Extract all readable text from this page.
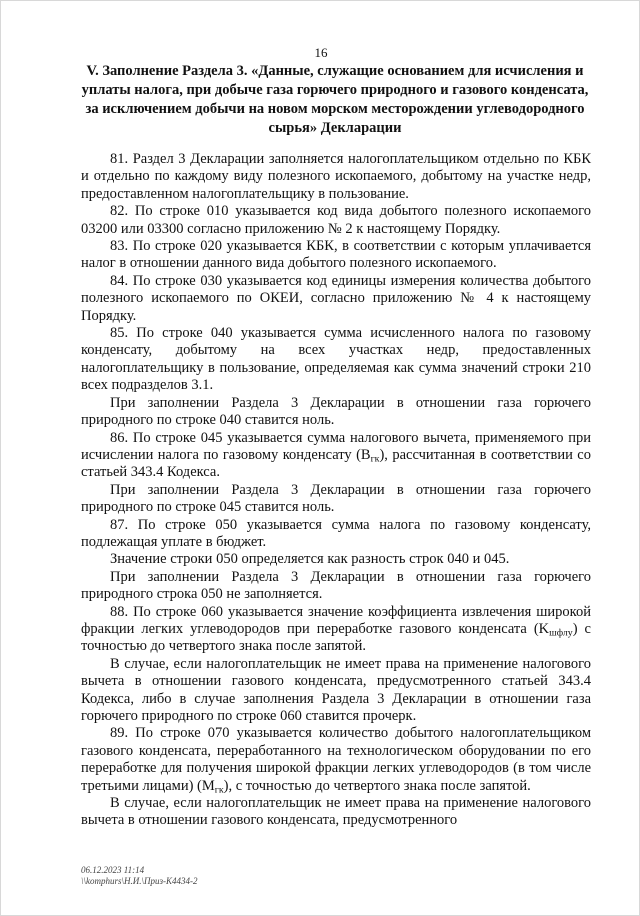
16
V. Заполнение Раздела 3. «Данные, служащие основанием для исчисления и уплаты налога, при добыче газа горючего природного и газового конденсата, за исключением добычи на новом морском месторождении углеводородного сырья» Декларации

81. Раздел 3 Декларации заполняется налогоплательщиком отдельно по КБК и отдельно по каждому виду полезного ископаемого, добытому на участке недр, предоставленном налогоплательщику в пользование.

82. По строке 010 указывается код вида добытого полезного ископаемого 03200 или 03300 согласно приложению № 2 к настоящему Порядку.

83. По строке 020 указывается КБК, в соответствии с которым уплачивается налог в отношении данного вида добытого полезного ископаемого.

84. По строке 030 указывается код единицы измерения количества добытого полезного ископаемого по ОКЕИ, согласно приложению № 4 к настоящему Порядку.

85. По строке 040 указывается сумма исчисленного налога по газовому конденсату, добытому на всех участках недр, предоставленных налогоплательщику в пользование, определяемая как сумма значений строки 210 всех подразделов 3.1.

При заполнении Раздела 3 Декларации в отношении газа горючего природного по строке 040 ставится ноль.

86. По строке 045 указывается сумма налогового вычета, применяемого при исчислении налога по газовому конденсату $(В_{гк})$, рассчитанная в соответствии со статьей 343.4 Кодекса.

При заполнении Раздела 3 Декларации в отношении газа горючего природного по строке 045 ставится ноль.

87. По строке 050 указывается сумма налога по газовому конденсату, подлежащая уплате в бюджет.

Значение строки 050 определяется как разность строк 040 и 045.

При заполнении Раздела 3 Декларации в отношении газа горючего природного строка 050 не заполняется.

88. По строке 060 указывается значение коэффициента извлечения широкой фракции легких углеводородов при переработке газового конденсата $(K_{шфлу})$ с точностью до четвертого знака после запятой.

В случае, если налогоплательщик не имеет права на применение налогового вычета в отношении газового конденсата, предусмотренного статьей 343.4 Кодекса, либо в случае заполнения Раздела 3 Декларации в отношении газа горючего природного по строке 060 ставится прочерк.

89. По строке 070 указывается количество добытого налогоплательщиком газового конденсата, переработанного на технологическом оборудовании по его переработке для получения широкой фракции легких углеводородов (в том числе третьими лицами) $(M_{гк})$, с точностью до четвертого знака после запятой.

В случае, если налогоплательщик не имеет права на применение налогового вычета в отношении газового конденсата, предусмотренного

06.12.2023 11:14
\\komphurs\Н.И.\Приз-К4434-2
